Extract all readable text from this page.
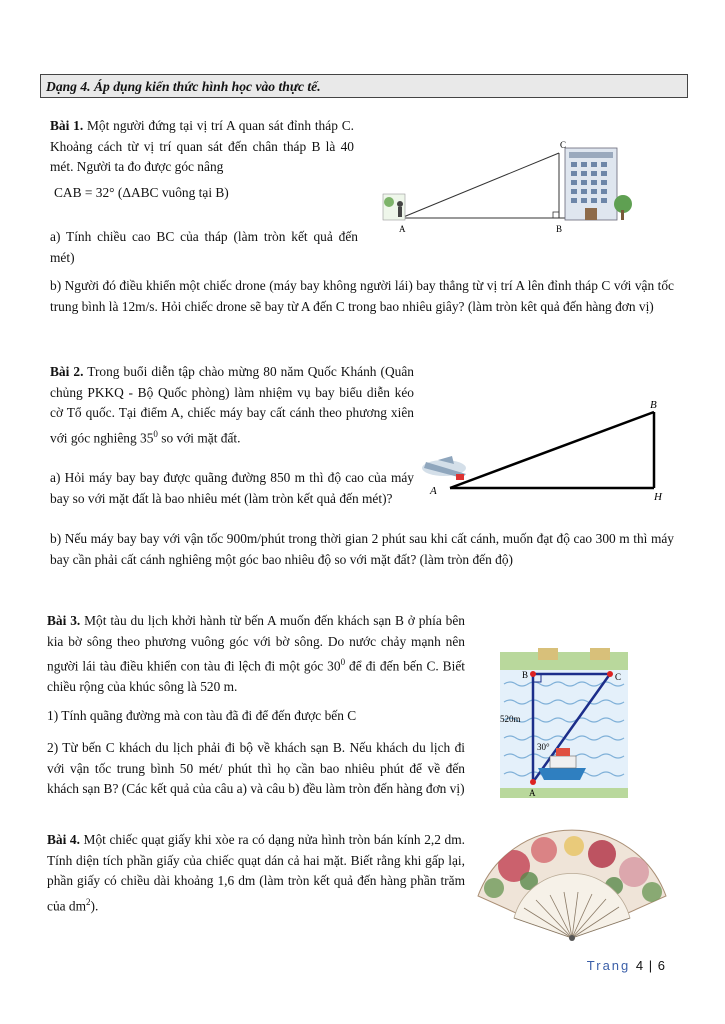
Dạng 4. Áp dụng kiến thức hình học vào thực tế.
Bài 1. Một người đứng tại vị trí A quan sát đỉnh tháp C. Khoảng cách từ vị trí quan sát đến chân tháp B là 40 mét. Người ta đo được góc nâng
CAB = 32° (ΔABC vuông tại B)
a) Tính chiều cao BC của tháp (làm tròn kết quả đến mét)
b) Người đó điều khiển một chiếc drone (máy bay không người lái) bay thẳng từ vị trí A lên đỉnh tháp C với vận tốc trung bình là 12m/s. Hỏi chiếc drone sẽ bay từ A đến C trong bao nhiêu giây? (làm tròn kêt quả đến hàng đơn vị)
A	B
C
Bài 2. Trong buổi diễn tập chào mừng 80 năm Quốc Khánh (Quân chủng PKKQ - Bộ Quốc phòng) làm nhiệm vụ bay biểu diễn kéo cờ Tổ quốc. Tại điểm A, chiếc máy bay cất cánh theo phương xiên với góc nghiêng $35^0$ so với mặt đất.
a) Hỏi máy bay bay được quãng đường 850 m thì độ cao của máy bay so với mặt đất là bao nhiêu mét (làm tròn kết quả đến mét)?
b) Nếu máy bay bay với vận tốc 900m/phút trong thời gian 2 phút sau khi cất cánh, muốn đạt độ cao 300 m thì máy bay cần phải cất cánh nghiêng một góc bao nhiêu độ so với mặt đất? (làm tròn đến độ)
A
B
H
Bài 3. Một tàu du lịch khởi hành từ bến A muốn đến khách sạn B ở phía bên kia bờ sông theo phương vuông góc với bờ sông. Do nước chảy mạnh nên người lái tàu điều khiển con tàu đi lệch đi một góc $30^0$ để đi đến bến C. Biết chiều rộng của khúc sông là 520 m.
1) Tính quãng đường mà con tàu đã đi để đến được bến C
2) Từ bến C khách du lịch phải đi bộ về khách sạn B. Nếu khách du lịch đi với vận tốc trung bình 50 mét/ phút thì họ cần bao nhiêu phút để về đến khách sạn B? (Các kết quả của câu a) và câu b) đều làm tròn đến hàng đơn vị)	A
B	C
520m
30°
Bài 4. Một chiếc quạt giấy khi xòe ra có dạng nửa hình tròn bán kính 2,2 dm. Tính diện tích phần giấy của chiếc quạt dán cả hai mặt. Biết rằng khi gấp lại, phần giấy có chiều dài khoảng 1,6 dm (làm tròn kết quả đến hàng phần trăm của $dm^2$).
Trang 4 | 6
